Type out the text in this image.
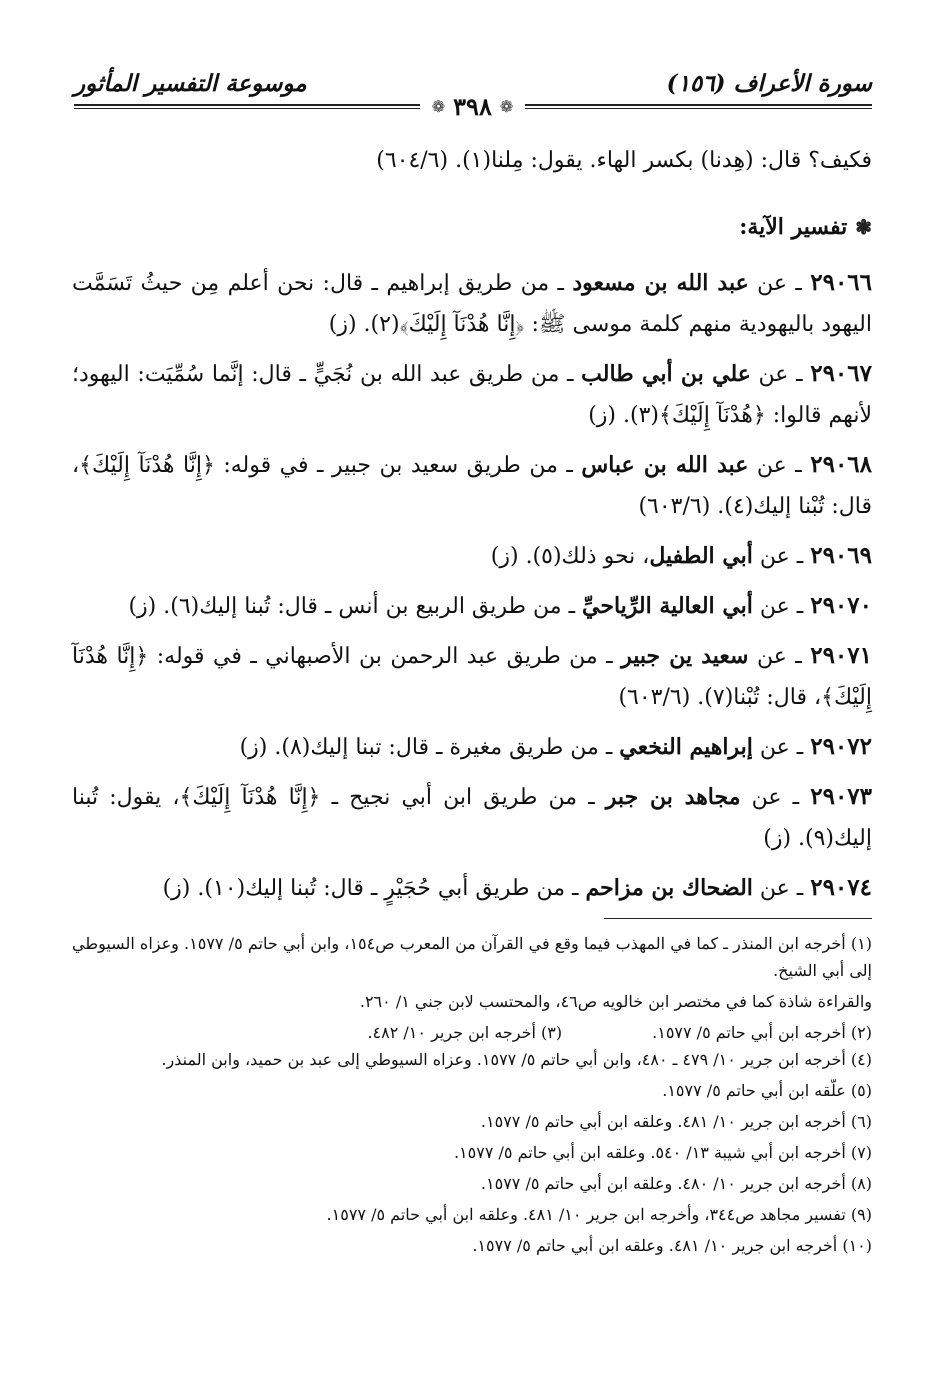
سورة الأعراف (١٥٦)
موسوعة التفسير المأثور
❁
٣٩٨
❁

فكيف؟ قال: (هِدنا) بكسر الهاء. يقول: مِلنا(١). (٦٠٤/٦)

❃
تفسير الآية:

٢٩٠٦٦ ـ عن عبد الله بن مسعود ـ من طريق إبراهيم ـ قال: نحن أعلم مِن حيثُ تَسَمَّت اليهود باليهودية منهم كلمة موسى ﷺ: ﴿إِنَّا هُدْنَآ إِلَيْكَ﴾(٢). (ز)

٢٩٠٦٧ ـ عن علي بن أبي طالب ـ من طريق عبد الله بن نُجَيٍّ ـ قال: إنَّما سُمِّيَت: اليهود؛ لأنهم قالوا: ﴿هُدْنَآ إِلَيْكَ﴾(٣). (ز)

٢٩٠٦٨ ـ عن عبد الله بن عباس ـ من طريق سعيد بن جبير ـ في قوله: ﴿إِنَّا هُدْنَآ إِلَيْكَ﴾، قال: تُبْنا إليك(٤). (٦٠٣/٦)

٢٩٠٦٩ ـ عن أبي الطفيل، نحو ذلك(٥). (ز)

٢٩٠٧٠ ـ عن أبي العالية الرِّياحيِّ ـ من طريق الربيع بن أنس ـ قال: تُبنا إليك(٦). (ز)

٢٩٠٧١ ـ عن سعيد ين جبير ـ من طريق عبد الرحمن بن الأصبهاني ـ في قوله: ﴿إِنَّا هُدْنَآ إِلَيْكَ﴾، قال: تُبْنا(٧). (٦٠٣/٦)

٢٩٠٧٢ ـ عن إبراهيم النخعي ـ من طريق مغيرة ـ قال: تبنا إليك(٨). (ز)

٢٩٠٧٣ ـ عن مجاهد بن جبر ـ من طريق ابن أبي نجيح ـ ﴿إِنَّا هُدْنَآ إِلَيْكَ﴾، يقول: تُبنا إليك(٩). (ز)

٢٩٠٧٤ ـ عن الضحاك بن مزاحم ـ من طريق أبي حُجَيْرٍ ـ قال: تُبنا إليك(١٠). (ز)

(١) أخرجه ابن المنذر ـ كما في المهذب فيما وقع في القرآن من المعرب ص١٥٤، وابن أبي حاتم ٥/ ١٥٧٧. وعزاه السيوطي إلى أبي الشيخ.

والقراءة شاذة كما في مختصر ابن خالويه ص٤٦، والمحتسب لابن جني ١/ ٢٦٠.

(٢) أخرجه ابن أبي حاتم ٥/ ١٥٧٧.
(٣) أخرجه ابن جرير ١٠/ ٤٨٢.

(٤) أخرجه ابن جرير ١٠/ ٤٧٩ ـ ٤٨٠، وابن أبي حاتم ٥/ ١٥٧٧. وعزاه السيوطي إلى عبد بن حميد، وابن المنذر.

(٥) علّقه ابن أبي حاتم ٥/ ١٥٧٧.

(٦) أخرجه ابن جرير ١٠/ ٤٨١. وعلقه ابن أبي حاتم ٥/ ١٥٧٧.

(٧) أخرجه ابن أبي شيبة ١٣/ ٥٤٠. وعلقه ابن أبي حاتم ٥/ ١٥٧٧.

(٨) أخرجه ابن جرير ١٠/ ٤٨٠. وعلقه ابن أبي حاتم ٥/ ١٥٧٧.

(٩) تفسير مجاهد ص٣٤٤، وأخرجه ابن جرير ١٠/ ٤٨١. وعلقه ابن أبي حاتم ٥/ ١٥٧٧.

(١٠) أخرجه ابن جرير ١٠/ ٤٨١. وعلقه ابن أبي حاتم ٥/ ١٥٧٧.
